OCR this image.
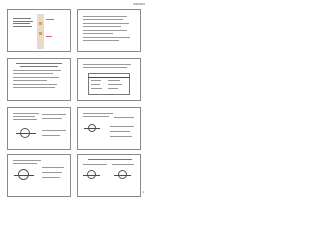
8/20/2021
1
